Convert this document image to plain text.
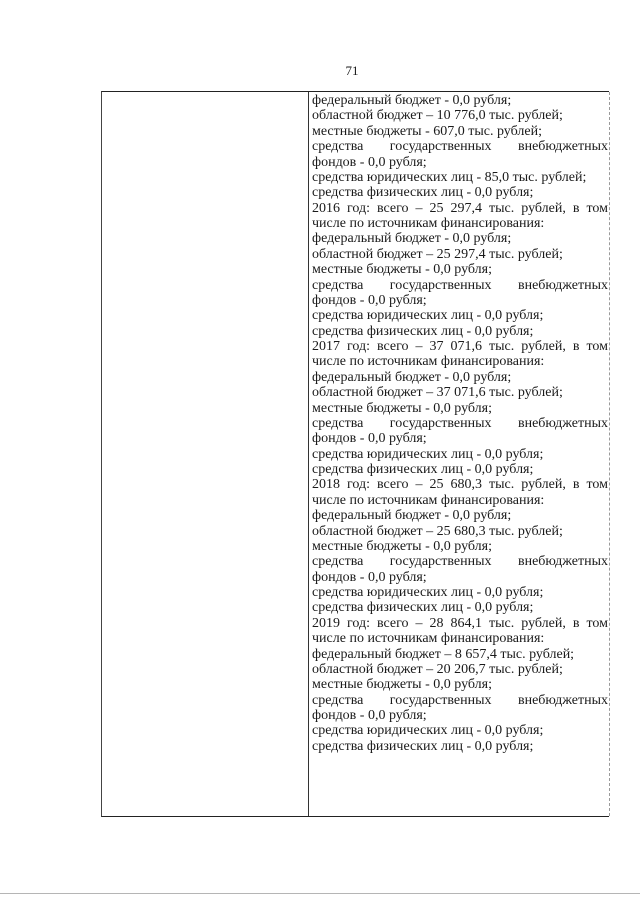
71
федеральный бюджет - 0,0 рубля;
областной бюджет – 10 776,0 тыс. рублей;
местные бюджеты - 607,0 тыс. рублей;
средства государственных внебюджетных
фондов - 0,0 рубля;
средства юридических лиц - 85,0 тыс. рублей;
средства физических лиц - 0,0 рубля;
2016 год: всего – 25 297,4 тыс. рублей, в том
числе по источникам финансирования:
федеральный бюджет - 0,0 рубля;
областной бюджет – 25 297,4 тыс. рублей;
местные бюджеты - 0,0 рубля;
средства государственных внебюджетных
фондов - 0,0 рубля;
средства юридических лиц - 0,0 рубля;
средства физических лиц - 0,0 рубля;
2017 год: всего – 37 071,6 тыс. рублей, в том
числе по источникам финансирования:
федеральный бюджет - 0,0 рубля;
областной бюджет – 37 071,6 тыс. рублей;
местные бюджеты - 0,0 рубля;
средства государственных внебюджетных
фондов - 0,0 рубля;
средства юридических лиц - 0,0 рубля;
средства физических лиц - 0,0 рубля;
2018 год: всего – 25 680,3 тыс. рублей, в том
числе по источникам финансирования:
федеральный бюджет - 0,0 рубля;
областной бюджет – 25 680,3 тыс. рублей;
местные бюджеты - 0,0 рубля;
средства государственных внебюджетных
фондов - 0,0 рубля;
средства юридических лиц - 0,0 рубля;
средства физических лиц - 0,0 рубля;
2019 год: всего – 28 864,1 тыс. рублей, в том
числе по источникам финансирования:
федеральный бюджет – 8 657,4 тыс. рублей;
областной бюджет – 20 206,7 тыс. рублей;
местные бюджеты - 0,0 рубля;
средства государственных внебюджетных
фондов - 0,0 рубля;
средства юридических лиц - 0,0 рубля;
средства физических лиц - 0,0 рубля;
